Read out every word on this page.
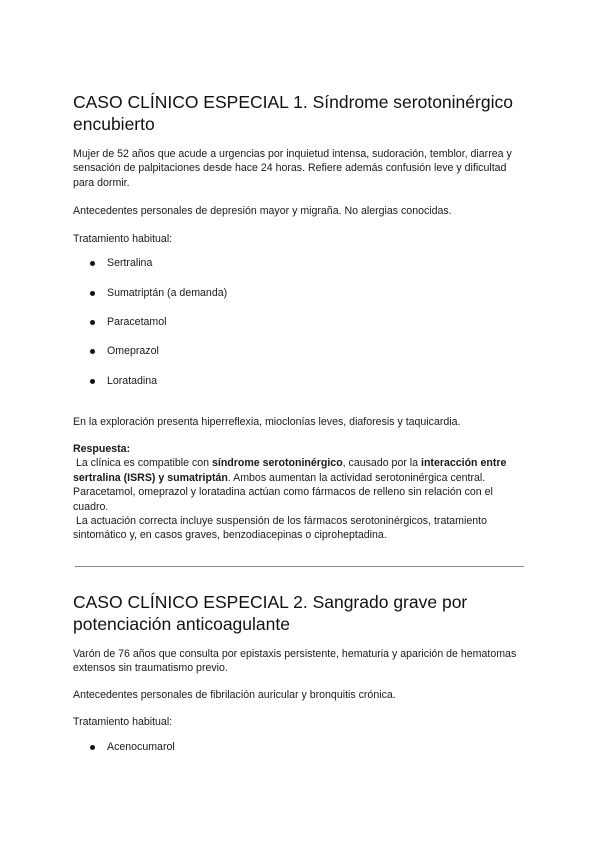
CASO CLÍNICO ESPECIAL 1. Síndrome serotoninérgico encubierto

Mujer de 52 años que acude a urgencias por inquietud intensa, sudoración, temblor, diarrea y sensación de palpitaciones desde hace 24 horas. Refiere además confusión leve y dificultad para dormir.

Antecedentes personales de depresión mayor y migraña. No alergias conocidas.

Tratamiento habitual:

Sertralina
Sumatriptán (a demanda)
Paracetamol
Omeprazol
Loratadina

En la exploración presenta hiperreflexia, mioclonías leves, diaforesis y taquicardia.

Respuesta:

La clínica es compatible con síndrome serotoninérgico, causado por la interacción entre sertralina (ISRS) y sumatriptán. Ambos aumentan la actividad serotoninérgica central. Paracetamol, omeprazol y loratadina actúan como fármacos de relleno sin relación con el cuadro.

La actuación correcta incluye suspensión de los fármacos serotoninérgicos, tratamiento sintomático y, en casos graves, benzodiacepinas o ciproheptadina.

CASO CLÍNICO ESPECIAL 2. Sangrado grave por potenciación anticoagulante

Varón de 76 años que consulta por epistaxis persistente, hematuria y aparición de hematomas extensos sin traumatismo previo.

Antecedentes personales de fibrilación auricular y bronquitis crónica.

Tratamiento habitual:

Acenocumarol
